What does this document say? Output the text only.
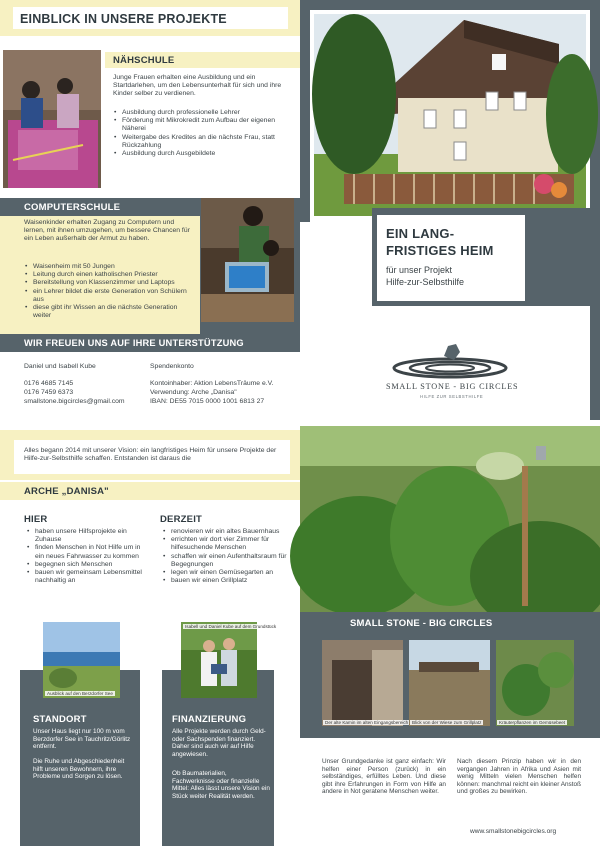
EINBLICK IN UNSERE PROJEKTE
NÄHSCHULE
Junge Frauen erhalten eine Ausbildung und ein Startdarlehen, um den Lebensunterhalt für sich und ihre Kinder selber zu verdienen.
• Ausbildung durch professionelle Lehrer
• Förderung mit Mikrokredit zum Aufbau der eigenen Näherei
• Weitergabe des Kredites an die nächste Frau, statt Rückzahlung
• Ausbildung durch Ausgebildete
COMPUTERSCHULE
Waisenkinder erhalten Zugang zu Computern und lernen, mit ihnen umzugehen, um bessere Chancen für ein Leben außerhalb der Armut zu haben.
• Waisenheim mit 50 Jungen
• Leitung durch einen katholischen Priester
• Bereitstellung von Klassenzimmer und Laptops
• ein Lehrer bildet die erste Generation von Schülern aus
• diese gibt ihr Wissen an die nächste Generation weiter
WIR FREUEN UNS AUF IHRE UNTERSTÜTZUNG
Daniel und Isabell Kube
0176 4685 7145
0176 7459 6373
smallstone.bigcircles@gmail.com
Spendenkonto
Kontoinhaber: Aktion LebensTräume e.V.
Verwendung: Arche „Danisa"
IBAN: DE55 7015 0000 1001 6813 27
EIN LANG-
FRISTIGES HEIM
für unser Projekt
Hilfe-zur-Selbsthilfe
SMALL STONE - BIG CIRCLES
HILFE ZUR SELBSTHILFE
Alles begann 2014 mit unserer Vision: ein langfristiges Heim für unsere Projekte der Hilfe-zur-Selbsthilfe schaffen. Entstanden ist daraus die
ARCHE „DANISA"
HIER
• haben unsere Hilfsprojekte ein Zuhause
• finden Menschen in Not Hilfe um in ein neues Fahrwasser zu kommen
• begegnen sich Menschen
• bauen wir gemeinsam Lebensmittel nachhaltig an
DERZEIT
• renovieren wir ein altes Bauernhaus
• errichten wir dort vier Zimmer für hilfesuchende Menschen
• schaffen wir einen Aufenthaltsraum für Begegnungen
• legen wir einen Gemüsegarten an
• bauen wir einen Grillplatz
Ausblick auf den Berzdorfer See
Isabell und Daniel Kube auf dem Grundstück
STANDORT
Unser Haus liegt nur 100 m vom Berzdorfer See in Tauchritz/Görlitz entfernt.
Die Ruhe und Abgeschiedenheit hilft unseren Bewohnern, ihre Probleme und Sorgen zu lösen.
FINANZIERUNG
Alle Projekte werden durch Geld- oder Sachspenden finanziert. Daher sind auch wir auf Hilfe angewiesen.
Ob Baumaterialien, Fachwerknisse oder finanzielle Mittel: Alles lässt unsere Vision ein Stück weiter Realität werden.
SMALL STONE - BIG CIRCLES
Der alte Kamin im alten Eingangsbereich Blick von der Wiese zum Grillplatz	Kräuterpflanzen im Gemüsebeet
Unser Grundgedanke ist ganz einfach: Wir helfen einer Person (zurück) in ein selbständiges, erfülltes Leben. Und diese gibt ihre Erfahrungen in Form von Hilfe an andere in Not geratene Menschen weiter.
Nach diesem Prinzip haben wir in den vergangen Jahren in Afrika und Asien mit wenig Mitteln vielen Menschen helfen können: manchmal reicht ein kleiner Anstoß und großes zu bewirken.
www.smallstonebigcircles.org
